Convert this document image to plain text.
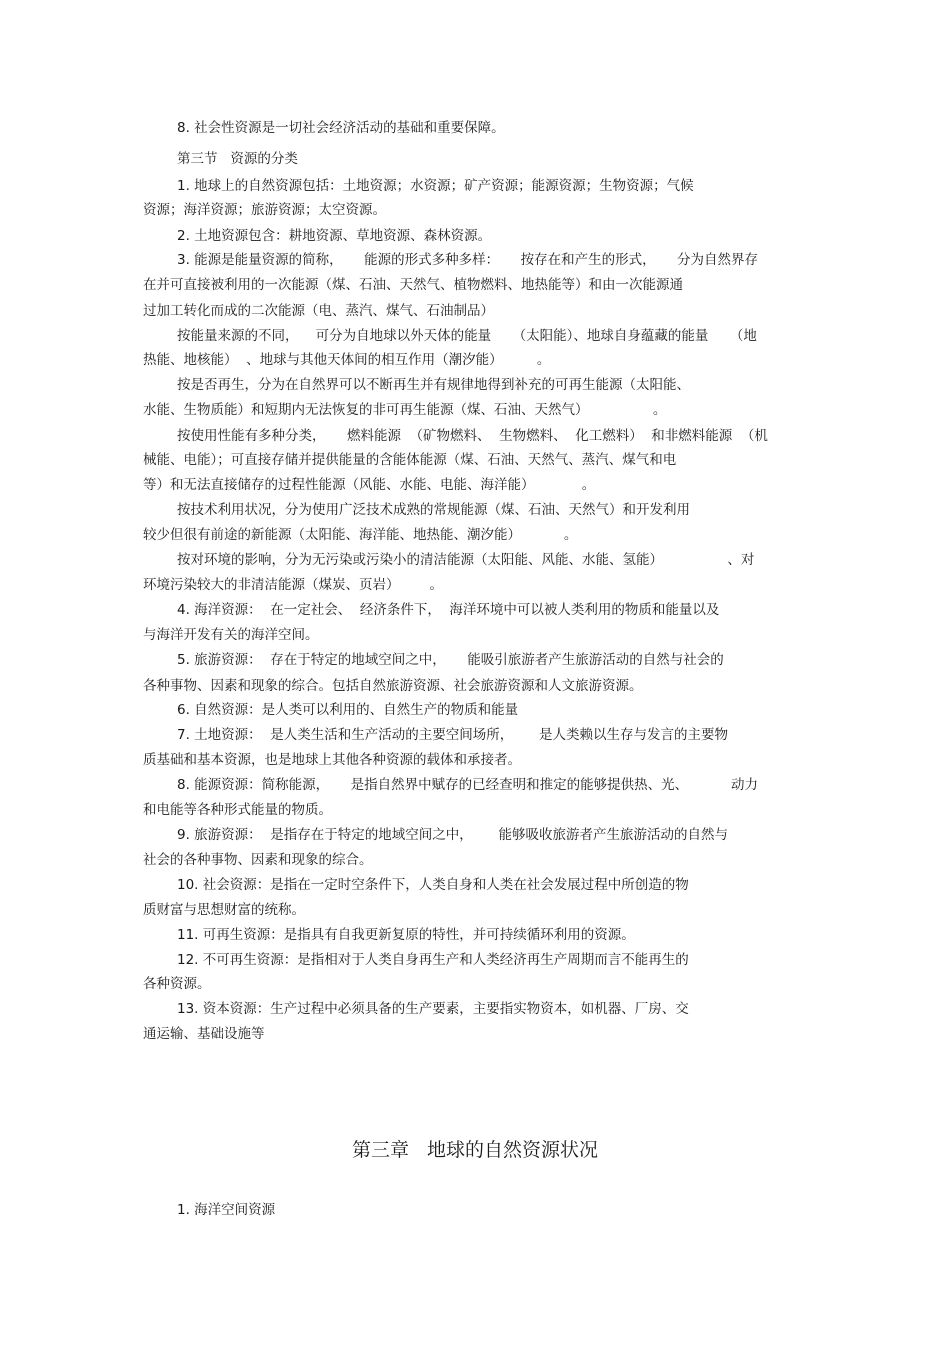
8. 社会性资源是一切社会经济活动的基础和重要保障。
第三节   资源的分类
1. 地球上的自然资源包括：土地资源；水资源；矿产资源；能源资源；生物资源；气候
资源；海洋资源；旅游资源；太空资源。
2. 土地资源包含：耕地资源、草地资源、森林资源。
3. 能源是能量资源的简称，     能源的形式多种多样：     按存在和产生的形式，     分为自然界存
在并可直接被利用的一次能源（煤、石油、天然气、植物燃料、地热能等）和由一次能源通
过加工转化而成的二次能源（电、蒸汽、煤气、石油制品）
按能量来源的不同，    可分为自地球以外天体的能量     （太阳能）、地球自身蕴藏的能量     （地
热能、地核能）  、地球与其他天体间的相互作用（潮汐能）        。
按是否再生，分为在自然界可以不断再生并有规律地得到补充的可再生能源（太阳能、
水能、生物质能）和短期内无法恢复的非可再生能源（煤、石油、天然气）               。
按使用性能有多种分类，     燃料能源  （矿物燃料、  生物燃料、  化工燃料）  和非燃料能源  （机
械能、电能）；可直接存储并提供能量的含能体能源（煤、石油、天然气、蒸汽、煤气和电
等）和无法直接储存的过程性能源（风能、水能、电能、海洋能）           。
按技术利用状况，分为使用广泛技术成熟的常规能源（煤、石油、天然气）和开发利用
较少但很有前途的新能源（太阳能、海洋能、地热能、潮汐能）          。
按对环境的影响，分为无污染或污染小的清洁能源（太阳能、风能、水能、氢能）               、对
环境污染较大的非清洁能源（煤炭、页岩）       。
4. 海洋资源：  在一定社会、  经济条件下，  海洋环境中可以被人类利用的物质和能量以及
与海洋开发有关的海洋空间。
5. 旅游资源：  存在于特定的地域空间之中，     能吸引旅游者产生旅游活动的自然与社会的
各种事物、因素和现象的综合。包括自然旅游资源、社会旅游资源和人文旅游资源。
6. 自然资源：是人类可以利用的、自然生产的物质和能量
7. 土地资源：  是人类生活和生产活动的主要空间场所，      是人类赖以生存与发言的主要物
质基础和基本资源，也是地球上其他各种资源的载体和承接者。
8. 能源资源：简称能源，     是指自然界中赋存的已经查明和推定的能够提供热、光、          动力
和电能等各种形式能量的物质。
9. 旅游资源：  是指存在于特定的地域空间之中，      能够吸收旅游者产生旅游活动的自然与
社会的各种事物、因素和现象的综合。
10. 社会资源：是指在一定时空条件下，人类自身和人类在社会发展过程中所创造的物
质财富与思想财富的统称。
11. 可再生资源：是指具有自我更新复原的特性，并可持续循环利用的资源。
12. 不可再生资源：是指相对于人类自身再生产和人类经济再生产周期而言不能再生的
各种资源。
13. 资本资源：生产过程中必须具备的生产要素，主要指实物资本，如机器、厂房、交
通运输、基础设施等
第三章   地球的自然资源状况
1. 海洋空间资源
